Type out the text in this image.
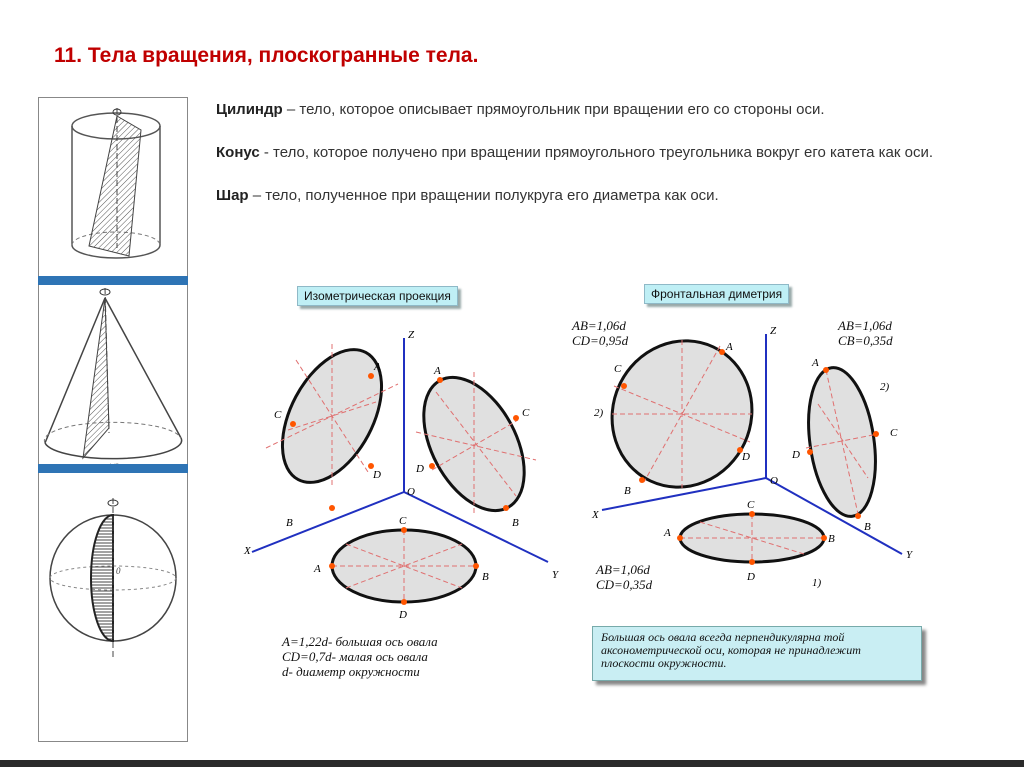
11. Тела вращения, плоскогранные тела.

Цилиндр – тело, которое описывает прямоугольник при вращении его со стороны оси.

Конус - тело, которое получено при вращении прямоугольного треугольника вокруг его катета как оси.

Шар – тело, полученное при вращении полукруга его диаметра как оси.

0
Изометрическая проекция
Z
X
Y
O
A
C
D
B
A
C
D
B
A
B
C
D
A=1,22d- большая ось овала
CD=0,7d- малая ось овала
d- диаметр окружности
Фронтальная диметрия
AB=1,06d
CD=0,95d
AB=1,06d
CB=0,35d
AB=1,06d
CD=0,35d
Z
X
Y
O
A
C
D
B
2)
A
C
D
B
2)
A	B
C
D	1)
Большая ось овала всегда перпендикулярна той аксонометрической оси, которая не принадлежит плоскости окружности.
